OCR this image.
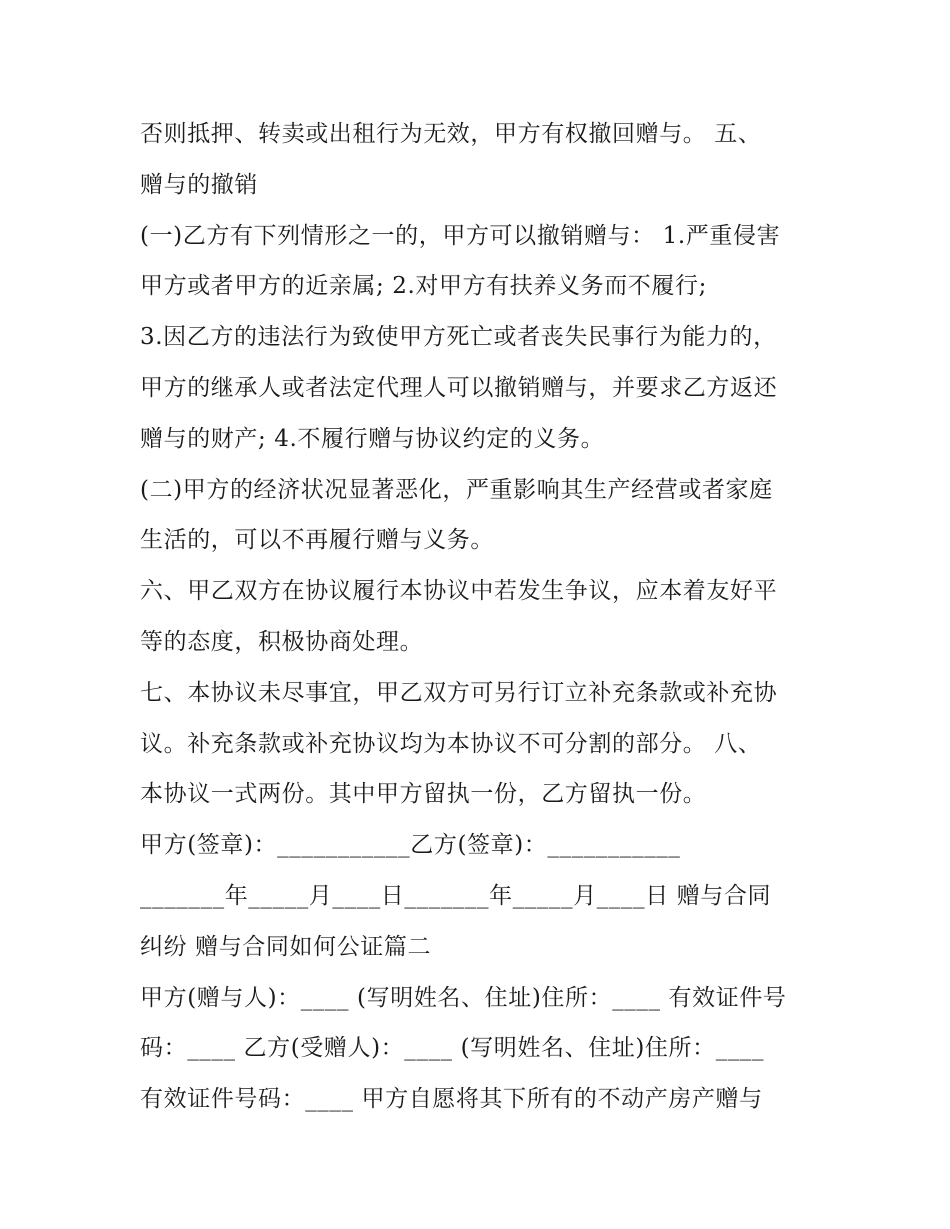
否则抵押、转卖或出租行为无效，甲方有权撤回赠与。 五、
赠与的撤销
(一)乙方有下列情形之一的，甲方可以撤销赠与： 1.严重侵害
甲方或者甲方的近亲属; 2.对甲方有扶养义务而不履行;
3.因乙方的违法行为致使甲方死亡或者丧失民事行为能力的，
甲方的继承人或者法定代理人可以撤销赠与，并要求乙方返还
赠与的财产; 4.不履行赠与协议约定的义务。
(二)甲方的经济状况显著恶化，严重影响其生产经营或者家庭
生活的，可以不再履行赠与义务。
六、甲乙双方在协议履行本协议中若发生争议，应本着友好平
等的态度，积极协商处理。
七、本协议未尽事宜，甲乙双方可另行订立补充条款或补充协
议。补充条款或补充协议均为本协议不可分割的部分。 八、
本协议一式两份。其中甲方留执一份，乙方留执一份。
甲方(签章)：___________乙方(签章)：___________
_______年_____月____日_______年_____月____日 赠与合同
纠纷 赠与合同如何公证篇二
甲方(赠与人)：____ (写明姓名、住址)住所：____ 有效证件号
码：____ 乙方(受赠人)：____ (写明姓名、住址)住所：____
有效证件号码：____ 甲方自愿将其下所有的不动产房产赠与
